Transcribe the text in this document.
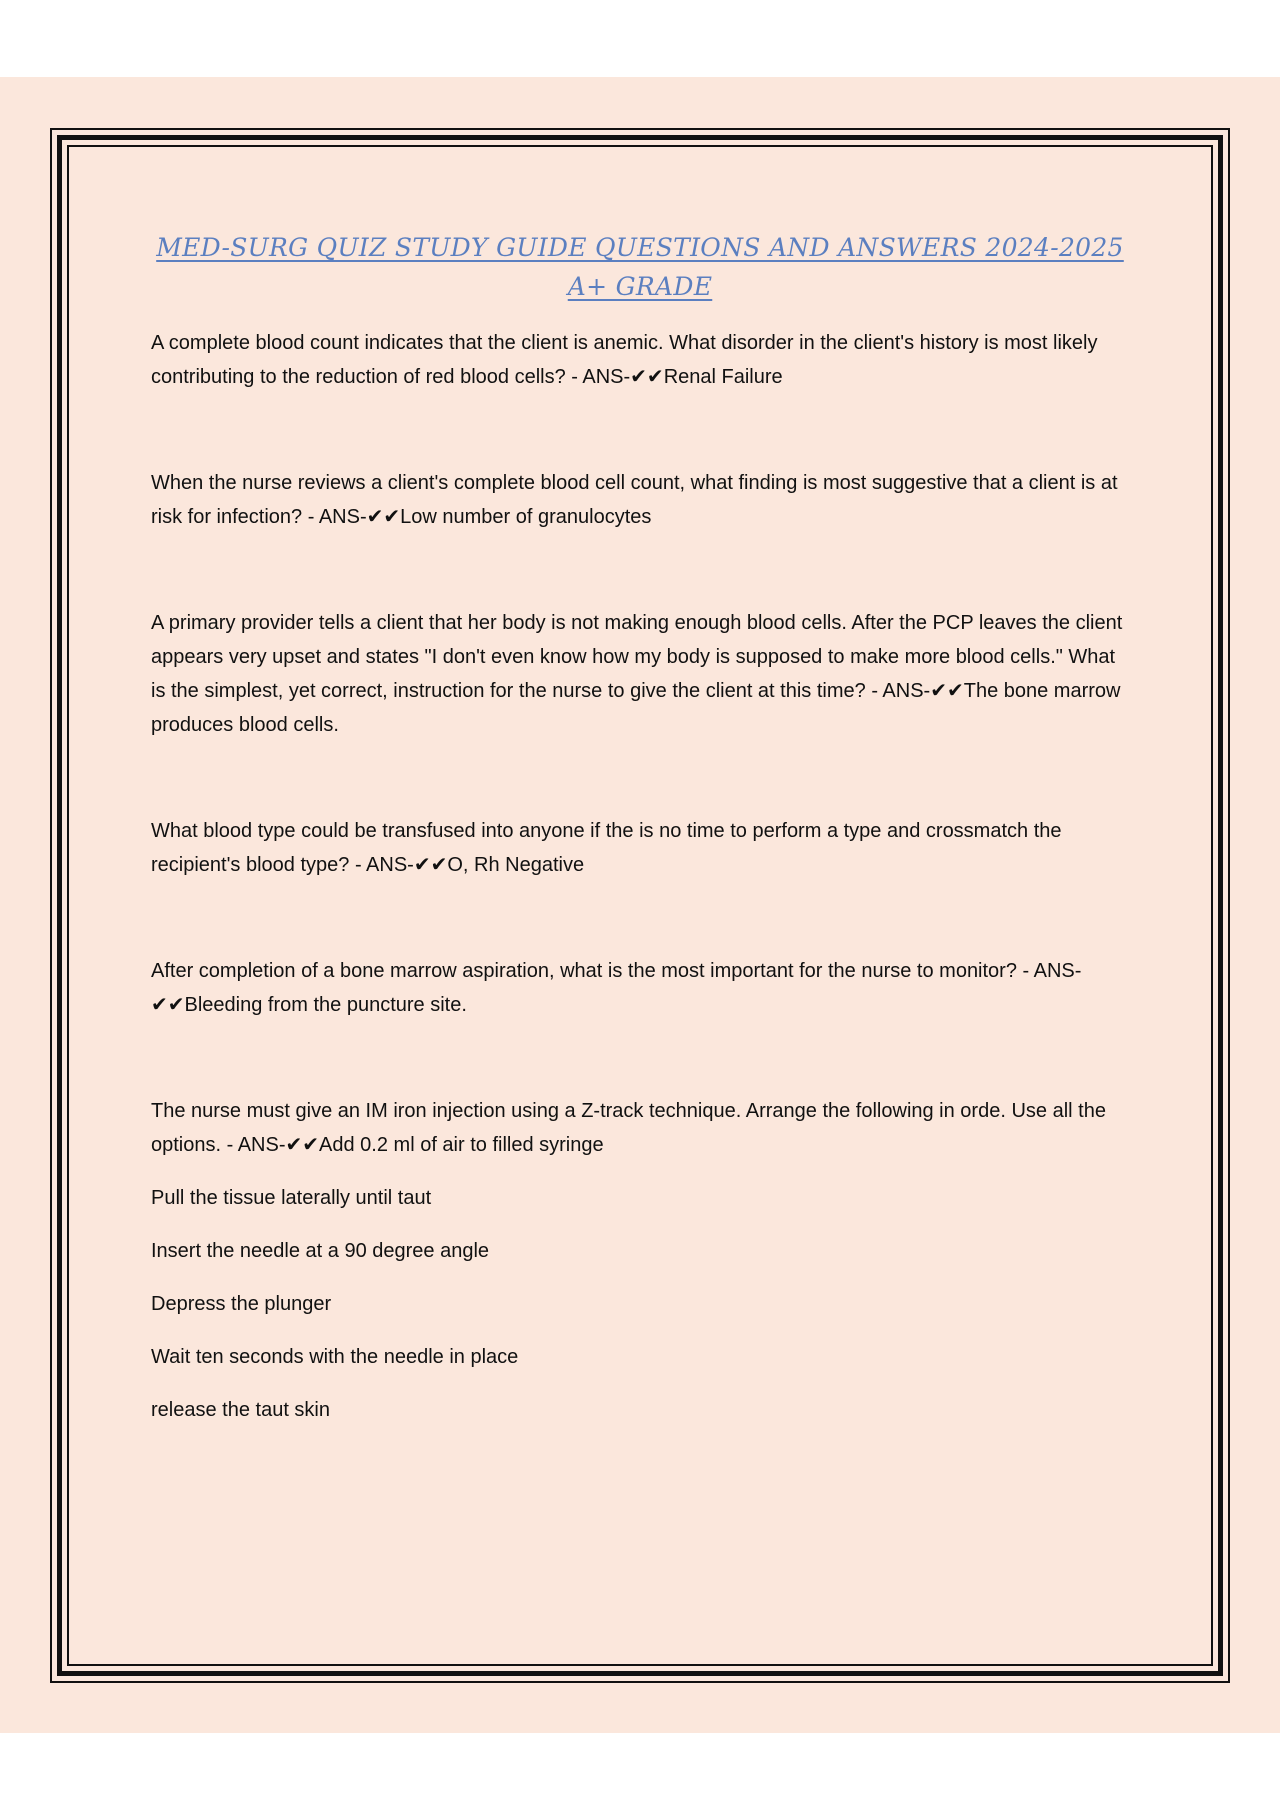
MED-SURG QUIZ STUDY GUIDE QUESTIONS AND ANSWERS 2024-2025 A+ GRADE

A complete blood count indicates that the client is anemic. What disorder in the client's history is most likely contributing to the reduction of red blood cells? - ANS-✔✔Renal Failure

When the nurse reviews a client's complete blood cell count, what finding is most suggestive that a client is at risk for infection? - ANS-✔✔Low number of granulocytes

A primary provider tells a client that her body is not making enough blood cells. After the PCP leaves the client appears very upset and states "I don't even know how my body is supposed to make more blood cells." What is the simplest, yet correct, instruction for the nurse to give the client at this time? - ANS-✔✔The bone marrow produces blood cells.

What blood type could be transfused into anyone if the is no time to perform a type and crossmatch the recipient's blood type? - ANS-✔✔O, Rh Negative

After completion of a bone marrow aspiration, what is the most important for the nurse to monitor? - ANS-✔✔Bleeding from the puncture site.

The nurse must give an IM iron injection using a Z-track technique. Arrange the following in orde. Use all the options. - ANS-✔✔Add 0.2 ml of air to filled syringe

Pull the tissue laterally until taut
Insert the needle at a 90 degree angle
Depress the plunger
Wait ten seconds with the needle in place
release the taut skin
